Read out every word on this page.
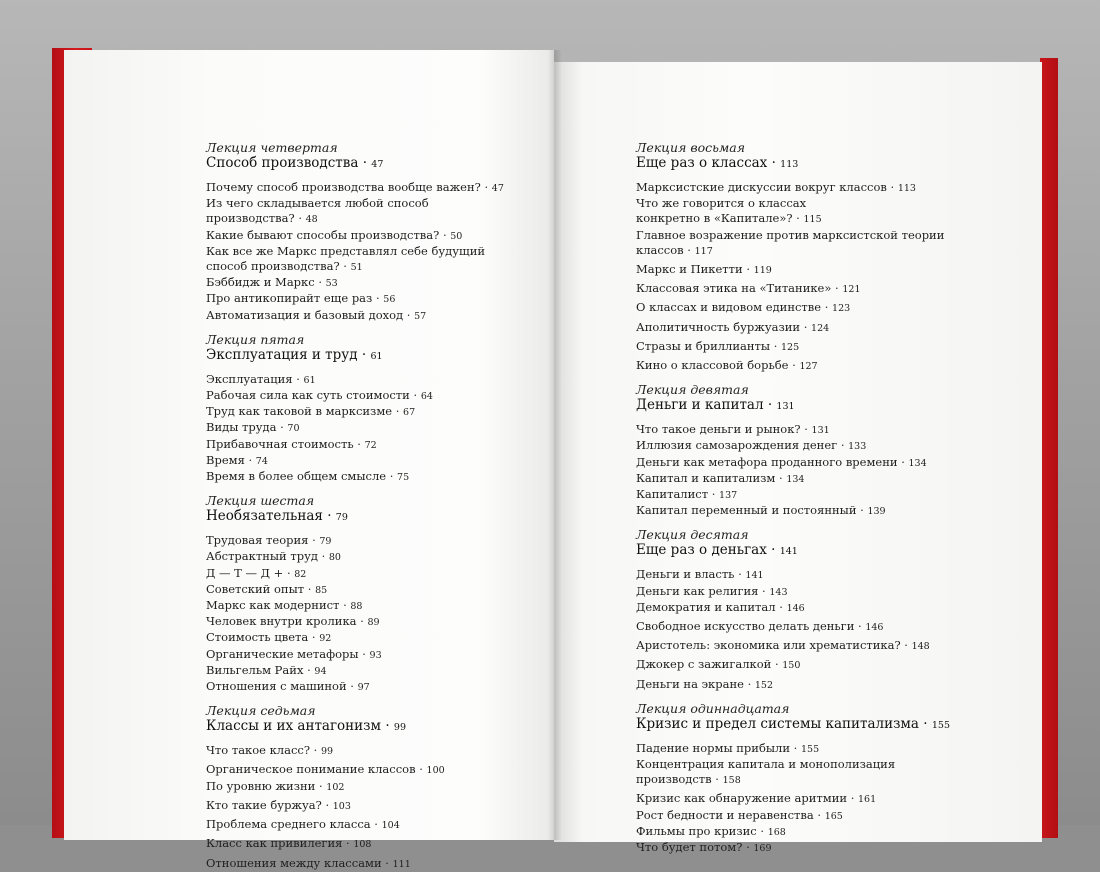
Лекция четвертая

Способ производства · 47

Почему способ производства вообще важен? · 47

Из чего складывается любой способ производства? · 48

Какие бывают способы производства? · 50

Как все же Маркс представлял себе будущий способ производства? · 51

Бэббидж и Маркс · 53

Про антикопирайт еще раз · 56

Автоматизация и базовый доход · 57

Лекция пятая

Эксплуатация и труд · 61

Эксплуатация · 61

Рабочая сила как суть стоимости · 64

Труд как таковой в марксизме · 67

Виды труда · 70

Прибавочная стоимость · 72

Время · 74

Время в более общем смысле · 75

Лекция шестая

Необязательная · 79

Трудовая теория · 79

Абстрактный труд · 80

Д — Т — Д + · 82

Советский опыт · 85

Маркс как модернист · 88

Человек внутри кролика · 89

Стоимость цвета · 92

Органические метафоры · 93

Вильгельм Райх · 94

Отношения с машиной · 97

Лекция седьмая

Классы и их антагонизм · 99

Что такое класс? · 99

Органическое понимание классов · 100

По уровню жизни · 102

Кто такие буржуа? · 103

Проблема среднего класса · 104

Класс как привилегия · 108

Отношения между классами · 111

Лекция восьмая

Еще раз о классах · 113

Марксистские дискуссии вокруг классов · 113

Что же говорится о классах конкретно в «Капитале»? · 115

Главное возражение против марксистской теории классов · 117

Маркс и Пикетти · 119

Классовая этика на «Титанике» · 121

О классах и видовом единстве · 123

Аполитичность буржуазии · 124

Стразы и бриллианты · 125

Кино о классовой борьбе · 127

Лекция девятая

Деньги и капитал · 131

Что такое деньги и рынок? · 131

Иллюзия самозарождения денег · 133

Деньги как метафора проданного времени · 134

Капитал и капитализм · 134

Капиталист · 137

Капитал переменный и постоянный · 139

Лекция десятая

Еще раз о деньгах · 141

Деньги и власть · 141

Деньги как религия · 143

Демократия и капитал · 146

Свободное искусство делать деньги · 146

Аристотель: экономика или хрематистика? · 148

Джокер с зажигалкой · 150

Деньги на экране · 152

Лекция одиннадцатая

Кризис и предел системы капитализма · 155

Падение нормы прибыли · 155

Концентрация капитала и монополизация производств · 158

Кризис как обнаружение аритмии · 161

Рост бедности и неравенства · 165

Фильмы про кризис · 168

Что будет потом? · 169
